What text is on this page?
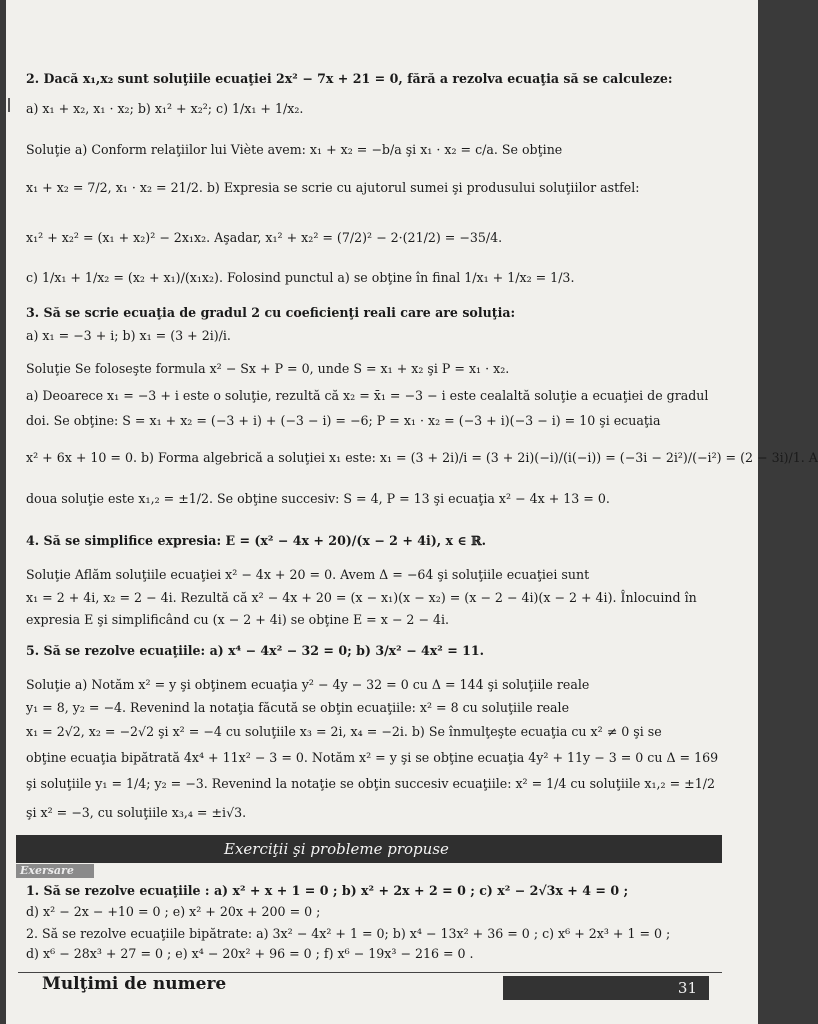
2. Dacă x₁,x₂ sunt soluţiile ecuaţiei 2x² − 7x + 21 = 0, fără a rezolva ecuaţia să se calculeze:
a) x₁ + x₂, x₁ · x₂; b) x₁² + x₂²; c) 1/x₁ + 1/x₂.
Soluţie a) Conform relaţiilor lui Viète avem: x₁ + x₂ = −b/a şi x₁ · x₂ = c/a. Se obţine
x₁ + x₂ = 7/2, x₁ · x₂ = 21/2. b) Expresia se scrie cu ajutorul sumei şi produsului soluţiilor astfel:
x₁² + x₂² = (x₁ + x₂)² − 2x₁x₂. Aşadar, x₁² + x₂² = (7/2)² − 2·(21/2) = −35/4.
c) 1/x₁ + 1/x₂ = (x₂ + x₁)/(x₁x₂). Folosind punctul a) se obţine în final 1/x₁ + 1/x₂ = 1/3.
3. Să se scrie ecuaţia de gradul 2 cu coeficienţi reali care are soluţia:
a) x₁ = −3 + i; b) x₁ = (3 + 2i)/i.
Soluţie Se foloseşte formula x² − Sx + P = 0, unde S = x₁ + x₂ şi P = x₁ · x₂.
a) Deoarece x₁ = −3 + i este o soluţie, rezultă că x₂ = x̄₁ = −3 − i este cealaltă soluţie a ecuaţiei de gradul
doi. Se obţine: S = x₁ + x₂ = (−3 + i) + (−3 − i) = −6; P = x₁ · x₂ = (−3 + i)(−3 − i) = 10 şi ecuaţia
x² + 6x + 10 = 0. b) Forma algebrică a soluţiei x₁ este: x₁ = (3 + 2i)/i = (3 + 2i)(−i)/(i(−i)) = (−3i − 2i²)/(−i²) = (2 − 3i)/1. A
doua soluţie este x₁,₂ = ±1/2. Se obţine succesiv: S = 4, P = 13 şi ecuaţia x² − 4x + 13 = 0.
4. Să se simplifice expresia: E = (x² − 4x + 20)/(x − 2 + 4i), x ∈ ℝ.
Soluţie Aflăm soluţiile ecuaţiei x² − 4x + 20 = 0. Avem Δ = −64 şi soluţiile ecuaţiei sunt
x₁ = 2 + 4i, x₂ = 2 − 4i. Rezultă că x² − 4x + 20 = (x − x₁)(x − x₂) = (x − 2 − 4i)(x − 2 + 4i). Înlocuind în
expresia E şi simplificând cu (x − 2 + 4i) se obţine E = x − 2 − 4i.
5. Să se rezolve ecuaţiile: a) x⁴ − 4x² − 32 = 0; b) 3/x² − 4x² = 11.
Soluţie a) Notăm x² = y şi obţinem ecuaţia y² − 4y − 32 = 0 cu Δ = 144 şi soluţiile reale
y₁ = 8, y₂ = −4. Revenind la notaţia făcută se obţin ecuaţiile: x² = 8 cu soluţiile reale
x₁ = 2√2, x₂ = −2√2 şi x² = −4 cu soluţiile x₃ = 2i, x₄ = −2i. b) Se înmulţeşte ecuaţia cu x² ≠ 0 şi se
obţine ecuaţia bipătrată 4x⁴ + 11x² − 3 = 0. Notăm x² = y şi se obţine ecuaţia 4y² + 11y − 3 = 0 cu Δ = 169
şi soluţiile y₁ = 1/4; y₂ = −3. Revenind la notaţie se obţin succesiv ecuaţiile: x² = 1/4 cu soluţiile x₁,₂ = ±1/2
şi x² = −3, cu soluţiile x₃,₄ = ±i√3.
Exerciţii şi probleme propuse
Exersare
1. Să se rezolve ecuaţiile : a) x² + x + 1 = 0 ; b) x² + 2x + 2 = 0 ; c) x² − 2√3x + 4 = 0 ;
d) x² − 2x − +10 = 0 ; e) x² + 20x + 200 = 0 ;
2. Să se rezolve ecuaţiile bipătrate: a) 3x² − 4x² + 1 = 0; b) x⁴ − 13x² + 36 = 0 ; c) x⁶ + 2x³ + 1 = 0 ;
d) x⁶ − 28x³ + 27 = 0 ; e) x⁴ − 20x² + 96 = 0 ; f) x⁶ − 19x³ − 216 = 0 .
Mulţimi de numere	31
